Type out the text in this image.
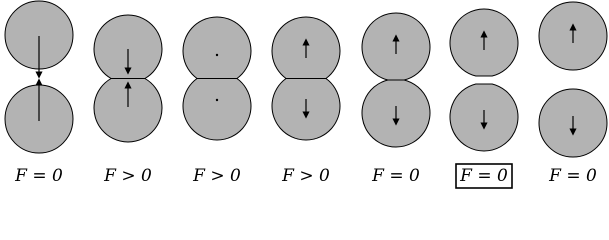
F = 0 F > 0 F > 0 F > 0 F = 0 F = 0 F = 0
